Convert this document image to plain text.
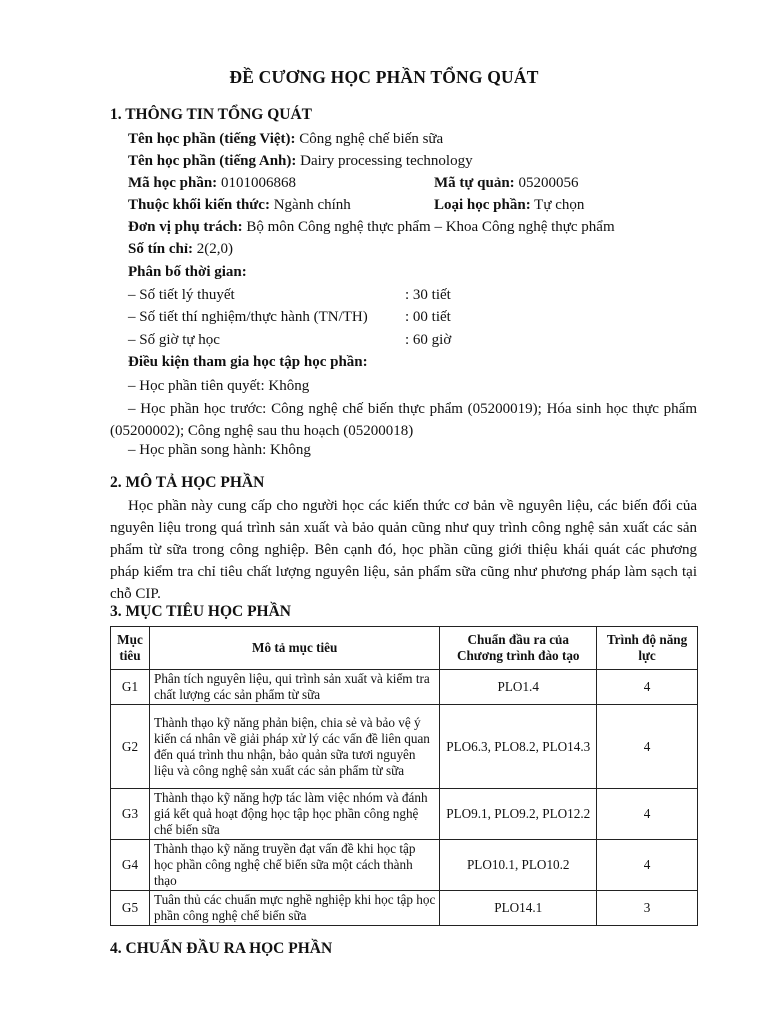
ĐỀ CƯƠNG HỌC PHẦN TỔNG QUÁT
1. THÔNG TIN TỔNG QUÁT
Tên học phần (tiếng Việt): Công nghệ chế biến sữa
Tên học phần (tiếng Anh): Dairy processing technology
Mã học phần: 0101006868	Mã tự quản: 05200056
Thuộc khối kiến thức: Ngành chính	Loại học phần: Tự chọn
Đơn vị phụ trách: Bộ môn Công nghệ thực phẩm – Khoa Công nghệ thực phẩm
Số tín chỉ: 2(2,0)
Phân bố thời gian:
– Số tiết lý thuyết	: 30 tiết
– Số tiết thí nghiệm/thực hành (TN/TH) : 00 tiết
– Số giờ tự học	: 60 giờ
Điều kiện tham gia học tập học phần:
– Học phần tiên quyết: Không

– Học phần học trước: Công nghệ chế biến thực phẩm (05200019); Hóa sinh học thực phẩm (05200002); Công nghệ sau thu hoạch (05200018)

– Học phần song hành: Không
2. MÔ TẢ HỌC PHẦN

Học phần này cung cấp cho người học các kiến thức cơ bản về nguyên liệu, các biến đổi của nguyên liệu trong quá trình sản xuất và bảo quản cũng như quy trình công nghệ sản xuất các sản phẩm từ sữa trong công nghiệp. Bên cạnh đó, học phần cũng giới thiệu khái quát các phương pháp kiểm tra chỉ tiêu chất lượng nguyên liệu, sản phẩm sữa cũng như phương pháp làm sạch tại chỗ CIP.

3. MỤC TIÊU HỌC PHẦN
Mục tiêu	Mô tả mục tiêu	Chuẩn đầu ra của Chương trình đào tạo	Trình độ năng lực
G1	Phân tích nguyên liệu, qui trình sản xuất và kiểm tra chất lượng các sản phẩm từ sữa	PLO1.4	4
G2	Thành thạo kỹ năng phản biện, chia sẻ và bảo vệ ý kiến cá nhân về giải pháp xử lý các vấn đề liên quan đến quá trình thu nhận, bảo quản sữa tươi nguyên liệu và công nghệ sản xuất các sản phẩm từ sữa	PLO6.3, PLO8.2, PLO14.3	4
G3	Thành thạo kỹ năng hợp tác làm việc nhóm và đánh giá kết quả hoạt động học tập học phần công nghệ chế biến sữa	PLO9.1, PLO9.2, PLO12.2	4
G4	Thành thạo kỹ năng truyền đạt vấn đề khi học tập học phần công nghệ chế biến sữa một cách thành thạo	PLO10.1, PLO10.2	4
G5	Tuân thủ các chuẩn mực nghề nghiệp khi học tập học phần công nghệ chế biến sữa	PLO14.1	3
4. CHUẨN ĐẦU RA HỌC PHẦN
